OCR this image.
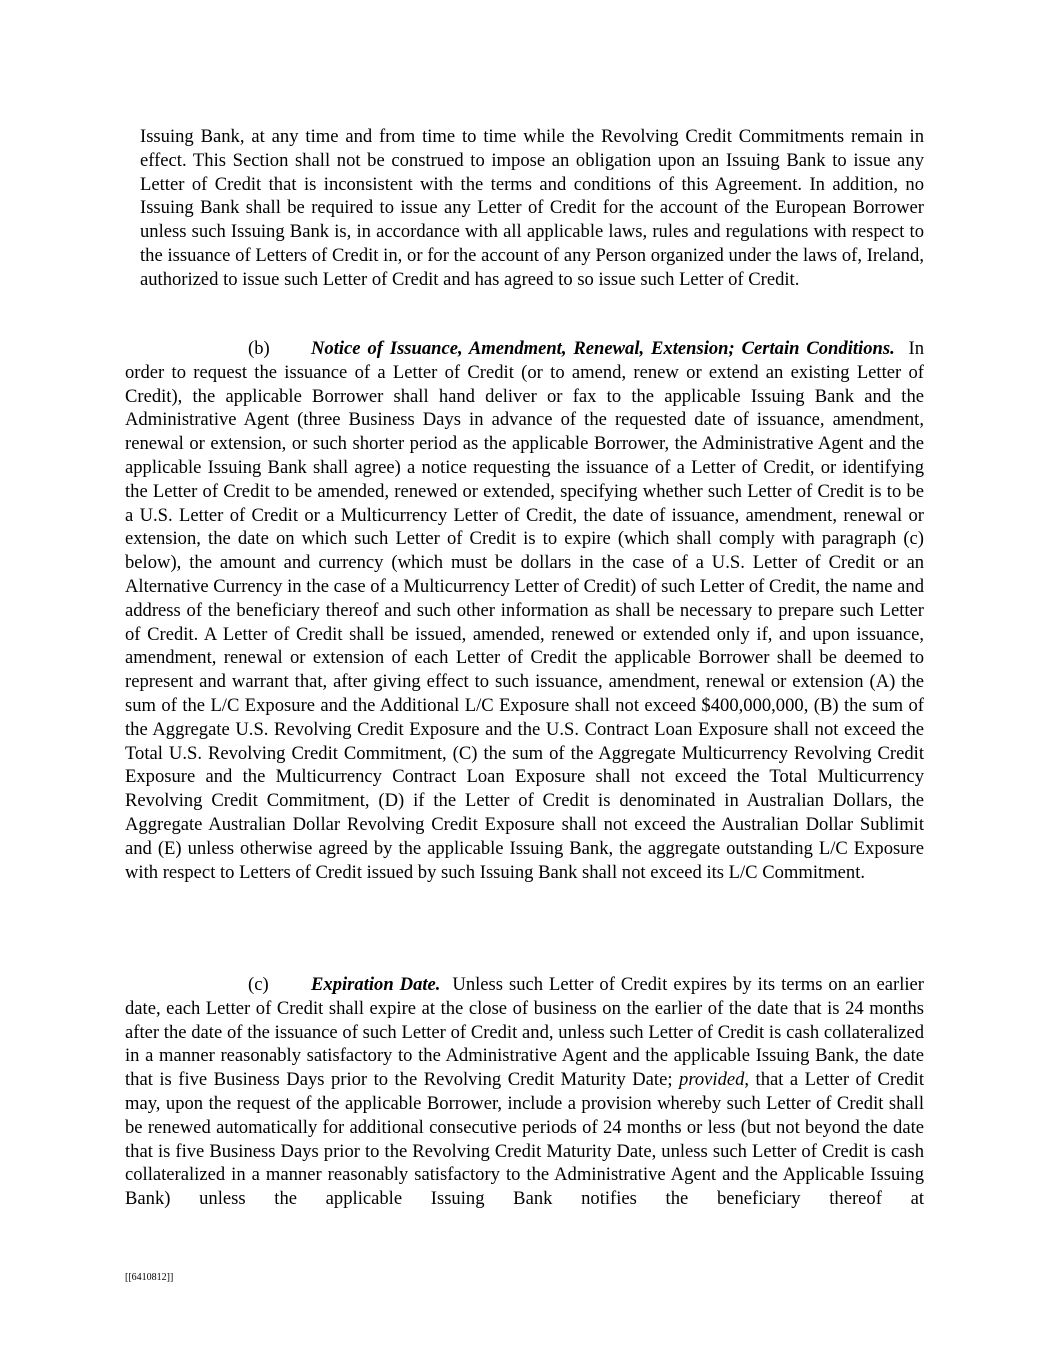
Issuing Bank, at any time and from time to time while the Revolving Credit Commitments remain in effect. This Section shall not be construed to impose an obligation upon an Issuing Bank to issue any Letter of Credit that is inconsistent with the terms and conditions of this Agreement. In addition, no Issuing Bank shall be required to issue any Letter of Credit for the account of the European Borrower unless such Issuing Bank is, in accordance with all applicable laws, rules and regulations with respect to the issuance of Letters of Credit in, or for the account of any Person organized under the laws of, Ireland, authorized to issue such Letter of Credit and has agreed to so issue such Letter of Credit.

(b) Notice of Issuance, Amendment, Renewal, Extension; Certain Conditions. In order to request the issuance of a Letter of Credit (or to amend, renew or extend an existing Letter of Credit), the applicable Borrower shall hand deliver or fax to the applicable Issuing Bank and the Administrative Agent (three Business Days in advance of the requested date of issuance, amendment, renewal or extension, or such shorter period as the applicable Borrower, the Administrative Agent and the applicable Issuing Bank shall agree) a notice requesting the issuance of a Letter of Credit, or identifying the Letter of Credit to be amended, renewed or extended, specifying whether such Letter of Credit is to be a U.S. Letter of Credit or a Multicurrency Letter of Credit, the date of issuance, amendment, renewal or extension, the date on which such Letter of Credit is to expire (which shall comply with paragraph (c) below), the amount and currency (which must be dollars in the case of a U.S. Letter of Credit or an Alternative Currency in the case of a Multicurrency Letter of Credit) of such Letter of Credit, the name and address of the beneficiary thereof and such other information as shall be necessary to prepare such Letter of Credit. A Letter of Credit shall be issued, amended, renewed or extended only if, and upon issuance, amendment, renewal or extension of each Letter of Credit the applicable Borrower shall be deemed to represent and warrant that, after giving effect to such issuance, amendment, renewal or extension (A) the sum of the L/C Exposure and the Additional L/C Exposure shall not exceed $400,000,000, (B) the sum of the Aggregate U.S. Revolving Credit Exposure and the U.S. Contract Loan Exposure shall not exceed the Total U.S. Revolving Credit Commitment, (C) the sum of the Aggregate Multicurrency Revolving Credit Exposure and the Multicurrency Contract Loan Exposure shall not exceed the Total Multicurrency Revolving Credit Commitment, (D) if the Letter of Credit is denominated in Australian Dollars, the Aggregate Australian Dollar Revolving Credit Exposure shall not exceed the Australian Dollar Sublimit and (E) unless otherwise agreed by the applicable Issuing Bank, the aggregate outstanding L/C Exposure with respect to Letters of Credit issued by such Issuing Bank shall not exceed its L/C Commitment.

(c) Expiration Date. Unless such Letter of Credit expires by its terms on an earlier date, each Letter of Credit shall expire at the close of business on the earlier of the date that is 24 months after the date of the issuance of such Letter of Credit and, unless such Letter of Credit is cash collateralized in a manner reasonably satisfactory to the Administrative Agent and the applicable Issuing Bank, the date that is five Business Days prior to the Revolving Credit Maturity Date; provided, that a Letter of Credit may, upon the request of the applicable Borrower, include a provision whereby such Letter of Credit shall be renewed automatically for additional consecutive periods of 24 months or less (but not beyond the date that is five Business Days prior to the Revolving Credit Maturity Date, unless such Letter of Credit is cash collateralized in a manner reasonably satisfactory to the Administrative Agent and the Applicable Issuing Bank) unless the applicable Issuing Bank notifies the beneficiary thereof at

[[6410812]]
